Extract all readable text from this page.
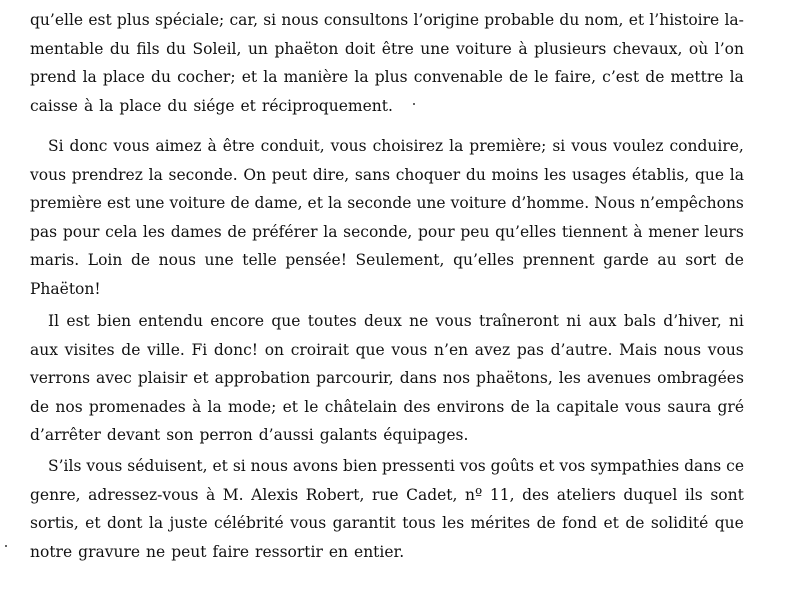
qu’elle est plus spéciale; car, si nous consultons l’origine probable du nom, et l’histoire la-
mentable du fils du Soleil, un phaëton doit être une voiture à plusieurs chevaux, où l’on
prend la place du cocher; et la manière la plus convenable de le faire, c’est de mettre la
caisse à la place du siége et réciproquement.
Si donc vous aimez à être conduit, vous choisirez la première; si vous voulez conduire,
vous prendrez la seconde. On peut dire, sans choquer du moins les usages établis, que la
première est une voiture de dame, et la seconde une voiture d’homme. Nous n’empêchons
pas pour cela les dames de préférer la seconde, pour peu qu’elles tiennent à mener leurs
maris. Loin de nous une telle pensée! Seulement, qu’elles prennent garde au sort de
Phaëton!
Il est bien entendu encore que toutes deux ne vous traîneront ni aux bals d’hiver, ni
aux visites de ville. Fi donc! on croirait que vous n’en avez pas d’autre. Mais nous vous
verrons avec plaisir et approbation parcourir, dans nos phaëtons, les avenues ombragées
de nos promenades à la mode; et le châtelain des environs de la capitale vous saura gré
d’arrêter devant son perron d’aussi galants équipages.
S’ils vous séduisent, et si nous avons bien pressenti vos goûts et vos sympathies dans ce
genre, adressez-vous à M. Alexis Robert, rue Cadet, nº 11, des ateliers duquel ils sont
sortis, et dont la juste célébrité vous garantit tous les mérites de fond et de solidité que
notre gravure ne peut faire ressortir en entier.
